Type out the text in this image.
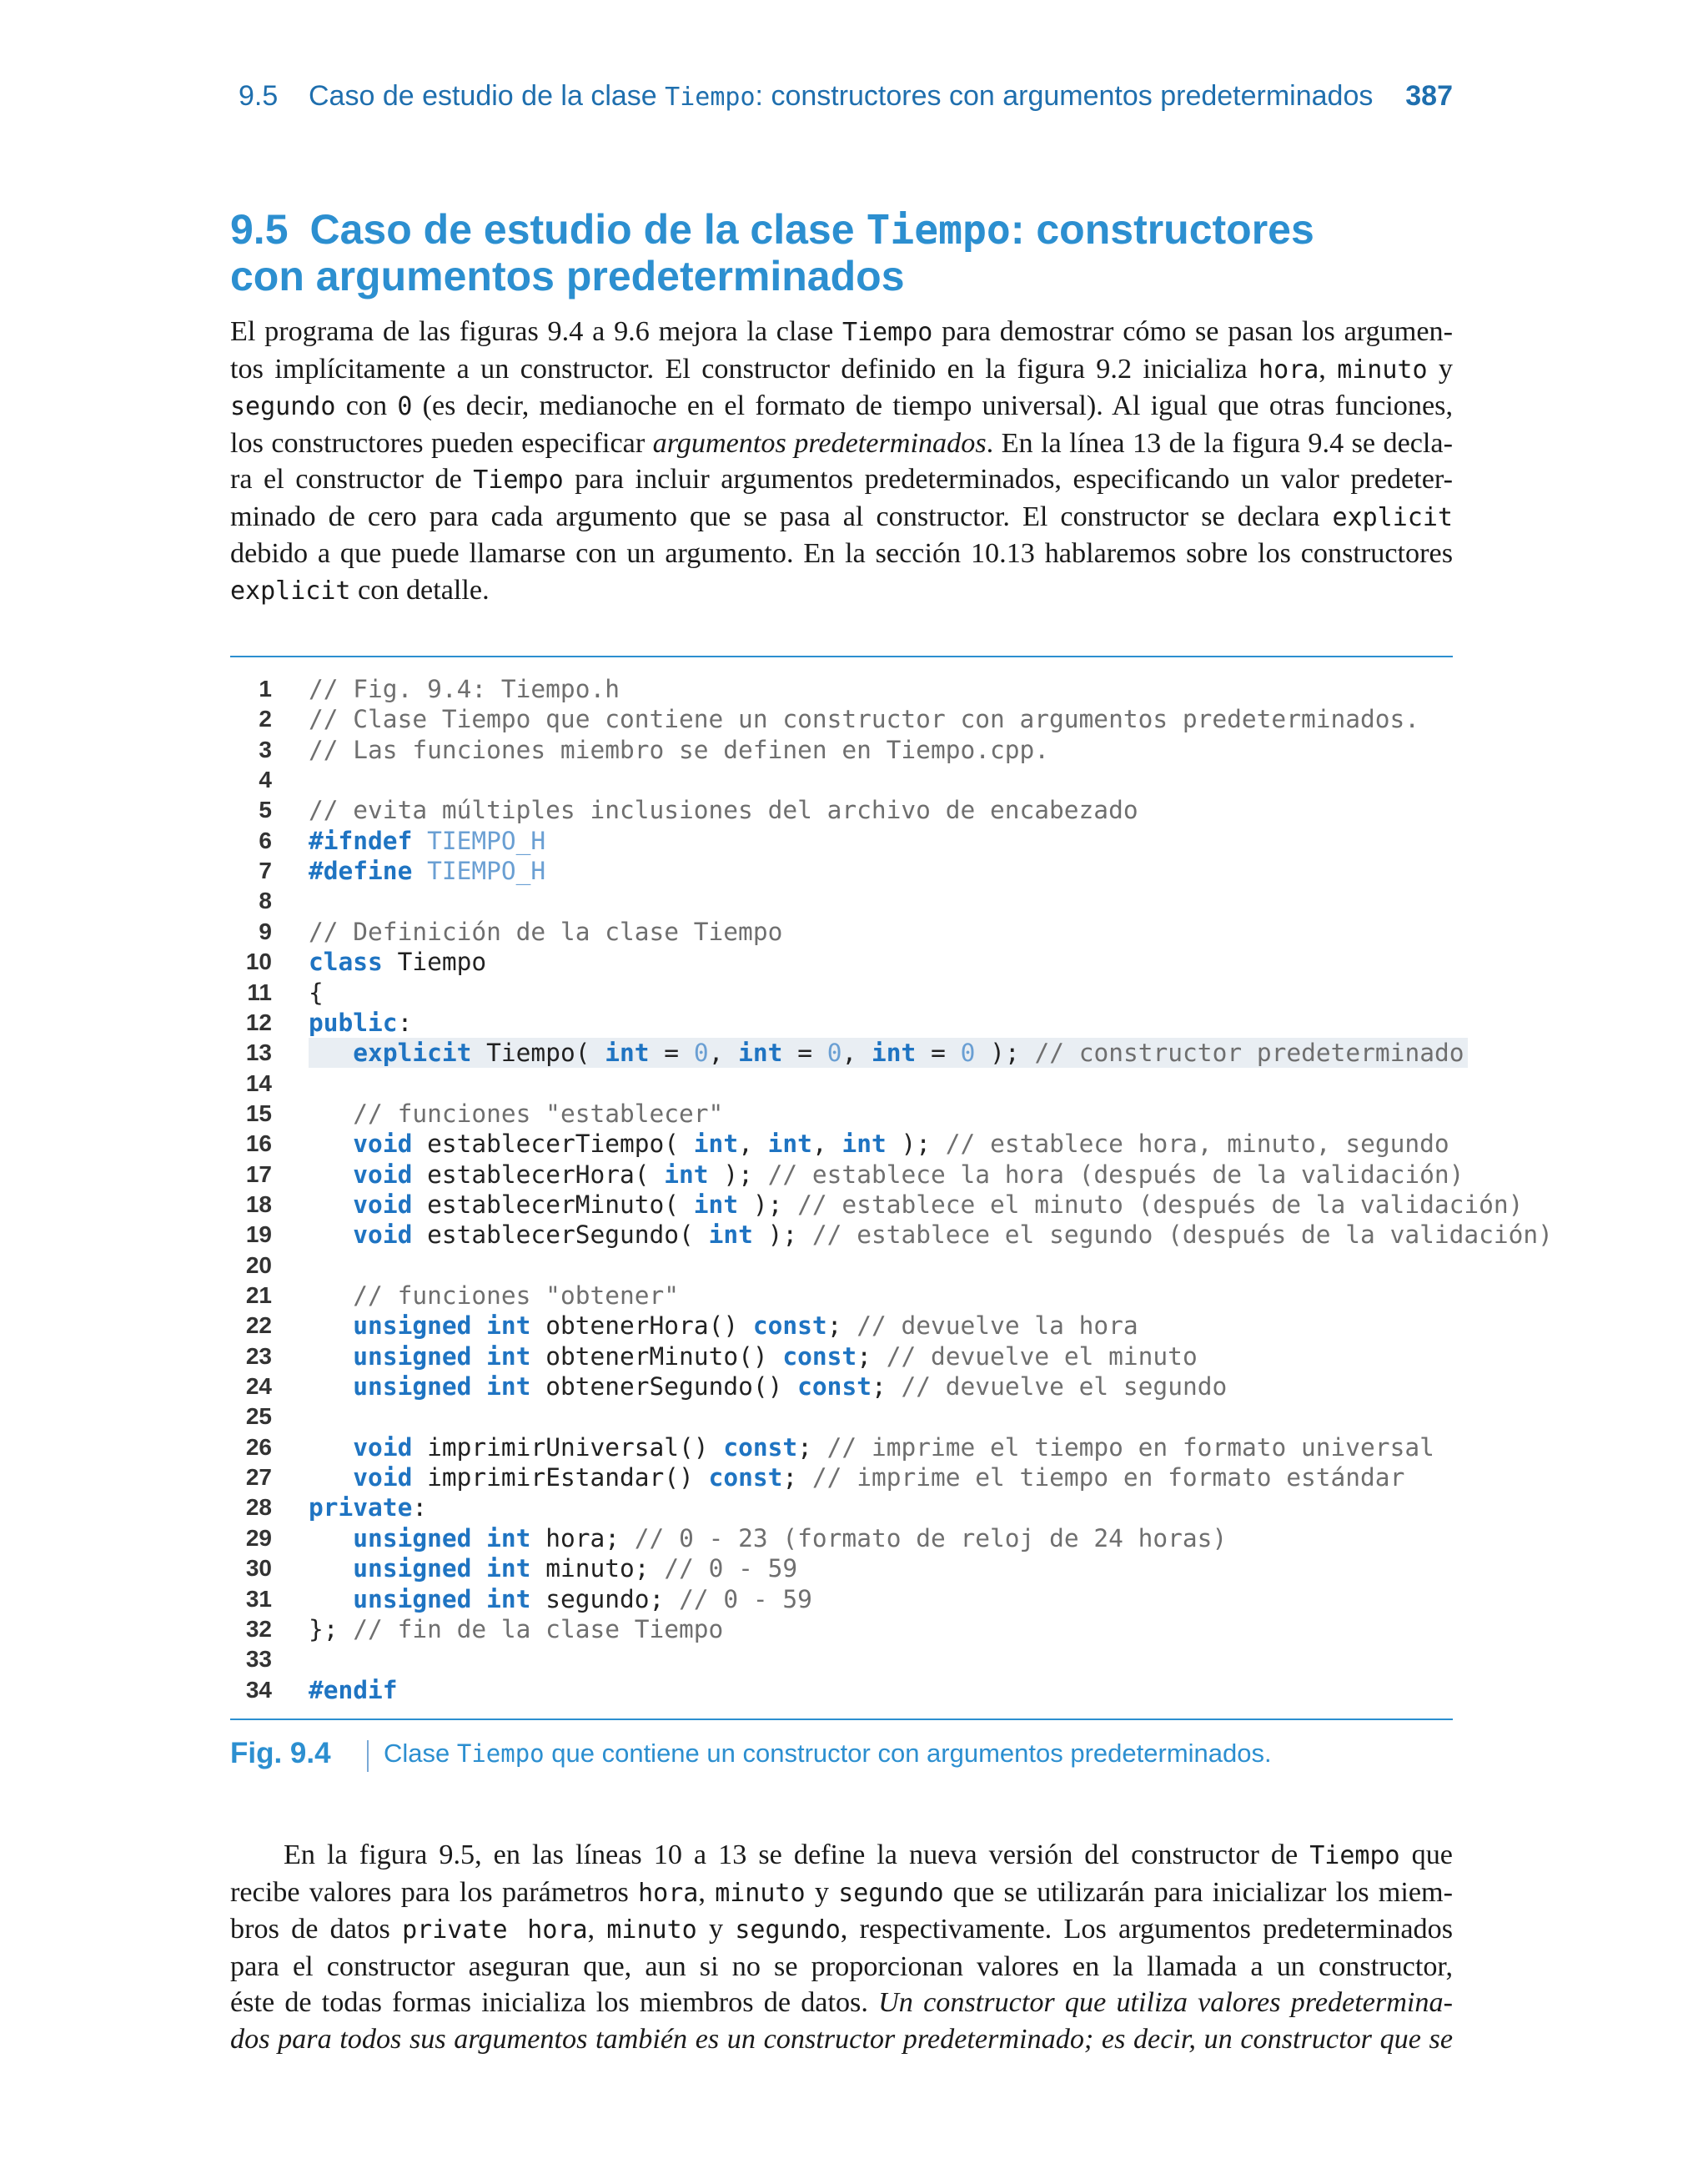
9.5 Caso de estudio de la clase Tiempo: constructores con argumentos predeterminados 387
9.5 Caso de estudio de la clase Tiempo: constructores
con argumentos predeterminados
El programa de las figuras 9.4 a 9.6 mejora la clase Tiempo para demostrar cómo se pasan los argumen-
tos implícitamente a un constructor. El constructor definido en la figura 9.2 inicializa hora, minuto y
segundo con 0 (es decir, medianoche en el formato de tiempo universal). Al igual que otras funciones,
los constructores pueden especificar argumentos predeterminados. En la línea 13 de la figura 9.4 se decla-
ra el constructor de Tiempo para incluir argumentos predeterminados, especificando un valor predeter-
minado de cero para cada argumento que se pasa al constructor. El constructor se declara explicit
debido a que puede llamarse con un argumento. En la sección 10.13 hablaremos sobre los constructores
explicit con detalle.
1 // Fig. 9.4: Tiempo.h
2 // Clase Tiempo que contiene un constructor con argumentos predeterminados.
3 // Las funciones miembro se definen en Tiempo.cpp.
4
5 // evita múltiples inclusiones del archivo de encabezado
6 #ifndef TIEMPO_H
7 #define TIEMPO_H
8
9 // Definición de la clase Tiempo
10 class Tiempo
11 {
12 public:
13	explicit Tiempo( int = 0, int = 0, int = 0 ); // constructor predeterminado
14
15	// funciones "establecer"
16	void establecerTiempo( int, int, int ); // establece hora, minuto, segundo
17	void establecerHora( int ); // establece la hora (después de la validación)
18	void establecerMinuto( int ); // establece el minuto (después de la validación)
19	void establecerSegundo( int ); // establece el segundo (después de la validación)
20
21	// funciones "obtener"
22	unsigned int obtenerHora() const; // devuelve la hora
23	unsigned int obtenerMinuto() const; // devuelve el minuto
24	unsigned int obtenerSegundo() const; // devuelve el segundo
25
26	void imprimirUniversal() const; // imprime el tiempo en formato universal
27	void imprimirEstandar() const; // imprime el tiempo en formato estándar
28 private:
29	unsigned int hora; // 0 - 23 (formato de reloj de 24 horas)
30	unsigned int minuto; // 0 - 59
31	unsigned int segundo; // 0 - 59
32 }; // fin de la clase Tiempo
33
34 #endif
Fig. 9.4 Clase Tiempo que contiene un constructor con argumentos predeterminados.
En la figura 9.5, en las líneas 10 a 13 se define la nueva versión del constructor de Tiempo que
recibe valores para los parámetros hora, minuto y segundo que se utilizarán para inicializar los miem-
bros de datos private hora, minuto y segundo, respectivamente. Los argumentos predeterminados
para el constructor aseguran que, aun si no se proporcionan valores en la llamada a un constructor,
éste de todas formas inicializa los miembros de datos. Un constructor que utiliza valores predetermina-
dos para todos sus argumentos también es un constructor predeterminado; es decir, un constructor que se
